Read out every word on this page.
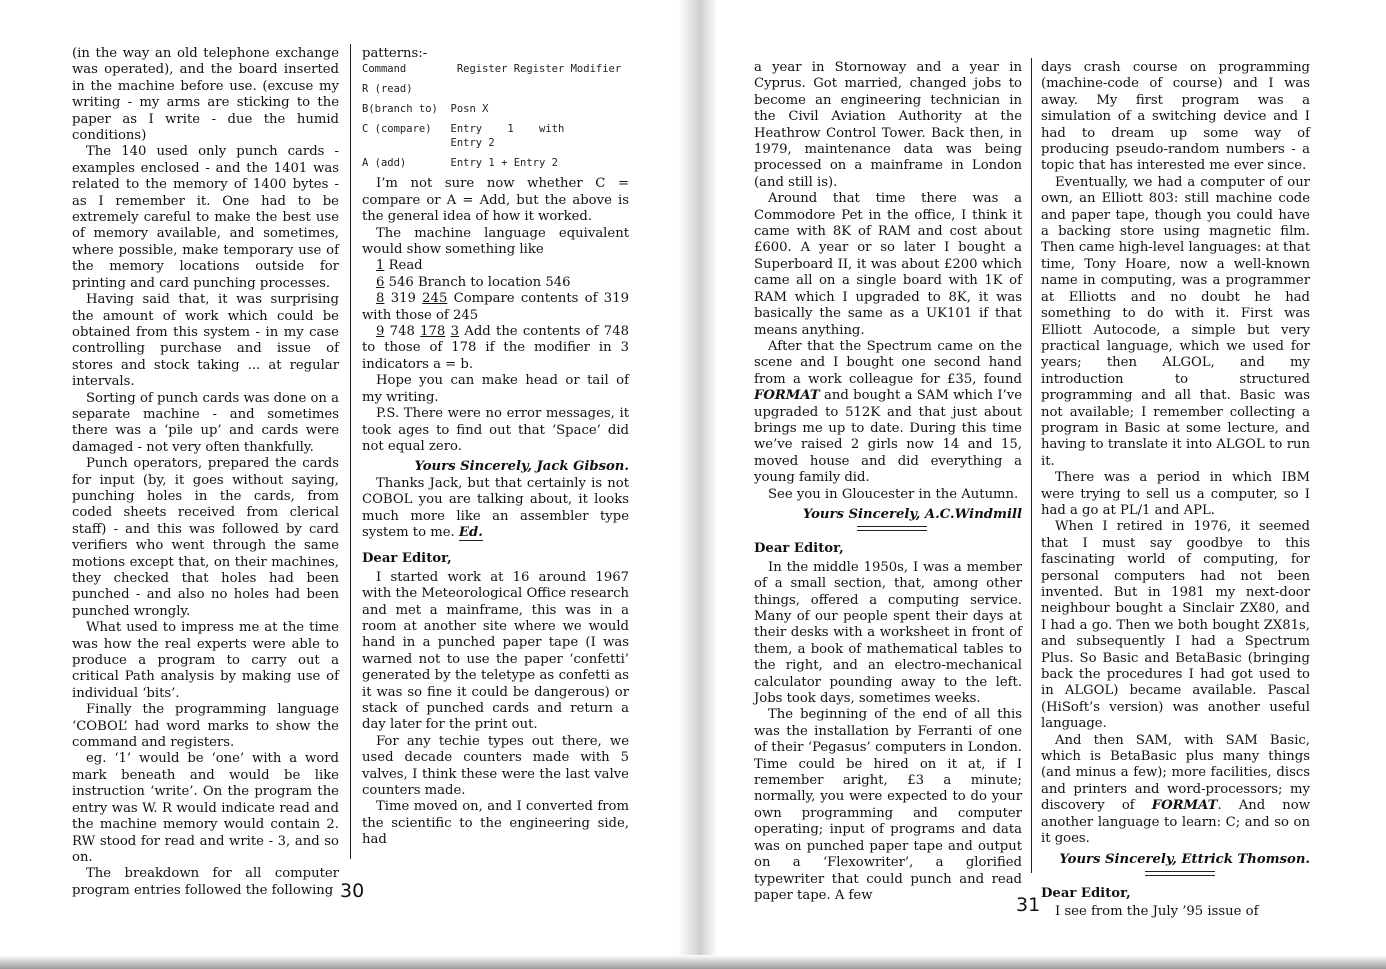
(in the way an old telephone exchange was operated), and the board inserted in the machine before use. (excuse my writing - my arms are sticking to the paper as I write - due the humid conditions)

The 140 used only punch cards - examples enclosed - and the 1401 was related to the memory of 1400 bytes - as I remember it. One had to be extremely careful to make the best use of memory available, and sometimes, where possible, make temporary use of the memory locations outside for printing and card punching processes.

Having said that, it was surprising the amount of work which could be obtained from this system - in my case controlling purchase and issue of stores and stock taking ... at regular intervals.

Sorting of punch cards was done on a separate machine - and sometimes there was a ‘pile up’ and cards were damaged - not very often thankfully.

Punch operators, prepared the cards for input (by, it goes without saying, punching holes in the cards, from coded sheets received from clerical staff) - and this was followed by card verifiers who went through the same motions except that, on their machines, they checked that holes had been punched - and also no holes had been punched wrongly.

What used to impress me at the time was how the real experts were able to produce a program to carry out a critical Path analysis by making use of individual ‘bits’.

Finally the programming language ‘COBOL’ had word marks to show the command and registers.

eg. ‘1’ would be ‘one’ with a word mark beneath and would be like instruction ‘write’. On the program the entry was W. R would indicate read and the machine memory would contain 2. RW stood for read and write - 3, and so on.

The breakdown for all computer program entries followed the following

patterns:-

Command        Register Register Modifier
R (read)
B(branch to)  Posn X
C (compare)   Entry    1    with
Entry 2
A (add)       Entry 1 + Entry 2

I’m not sure now whether C = compare or A = Add, but the above is the general idea of how it worked.

The machine language equivalent would show something like

1 Read

6 546 Branch to location 546

8 319 245 Compare contents of 319 with those of 245

9 748 178 3 Add the contents of 748 to those of 178 if the modifier in 3 indicators a = b.

Hope you can make head or tail of my writing.

P.S. There were no error messages, it took ages to find out that ‘Space’ did not equal zero.

Yours Sincerely, Jack Gibson.

Thanks Jack, but that certainly is not COBOL you are talking about, it looks much more like an assembler type system to me. Ed.

Dear Editor,

I started work at 16 around 1967 with the Meteorological Office research and met a mainframe, this was in a room at another site where we would hand in a punched paper tape (I was warned not to use the paper ‘confetti’ generated by the teletype as confetti as it was so fine it could be dangerous) or stack of punched cards and return a day later for the print out.

For any techie types out there, we used decade counters made with 5 valves, I think these were the last valve counters made.

Time moved on, and I converted from the scientific to the engineering side, had

30

a year in Stornoway and a year in Cyprus. Got married, changed jobs to become an engineering technician in the Civil Aviation Authority at the Heathrow Control Tower. Back then, in 1979, maintenance data was being processed on a mainframe in London (and still is).

Around that time there was a Commodore Pet in the office, I think it came with 8K of RAM and cost about £600. A year or so later I bought a Superboard II, it was about £200 which came all on a single board with 1K of RAM which I upgraded to 8K, it was basically the same as a UK101 if that means anything.

After that the Spectrum came on the scene and I bought one second hand from a work colleague for £35, found FORMAT and bought a SAM which I’ve upgraded to 512K and that just about brings me up to date. During this time we’ve raised 2 girls now 14 and 15, moved house and did everything a young family did.

See you in Gloucester in the Autumn.

Yours Sincerely, A.C.Windmill

Dear Editor,

In the middle 1950s, I was a member of a small section, that, among other things, offered a computing service. Many of our people spent their days at their desks with a worksheet in front of them, a book of mathematical tables to the right, and an electro-mechanical calculator pounding away to the left. Jobs took days, sometimes weeks.

The beginning of the end of all this was the installation by Ferranti of one of their ‘Pegasus’ computers in London. Time could be hired on it at, if I remember aright, £3 a minute; normally, you were expected to do your own programming and computer operating; input of programs and data was on punched paper tape and output on a ‘Flexowriter’, a glorified typewriter that could punch and read paper tape. A few

days crash course on programming (machine-code of course) and I was away. My first program was a simulation of a switching device and I had to dream up some way of producing pseudo-random numbers - a topic that has interested me ever since.

Eventually, we had a computer of our own, an Elliott 803: still machine code and paper tape, though you could have a backing store using magnetic film. Then came high-level languages: at that time, Tony Hoare, now a well-known name in computing, was a programmer at Elliotts and no doubt he had something to do with it. First was Elliott Autocode, a simple but very practical language, which we used for years; then ALGOL, and my introduction to structured programming and all that. Basic was not available; I remember collecting a program in Basic at some lecture, and having to translate it into ALGOL to run it.

There was a period in which IBM were trying to sell us a computer, so I had a go at PL/1 and APL.

When I retired in 1976, it seemed that I must say goodbye to this fascinating world of computing, for personal computers had not been invented. But in 1981 my next-door neighbour bought a Sinclair ZX80, and I had a go. Then we both bought ZX81s, and subsequently I had a Spectrum Plus. So Basic and BetaBasic (bringing back the procedures I had got used to in ALGOL) became available. Pascal (HiSoft’s version) was another useful language.

And then SAM, with SAM Basic, which is BetaBasic plus many things (and minus a few); more facilities, discs and printers and word-processors; my discovery of FORMAT. And now another language to learn: C; and so on it goes.

Yours Sincerely, Ettrick Thomson.

Dear Editor,

I see from the July ’95 issue of

31
